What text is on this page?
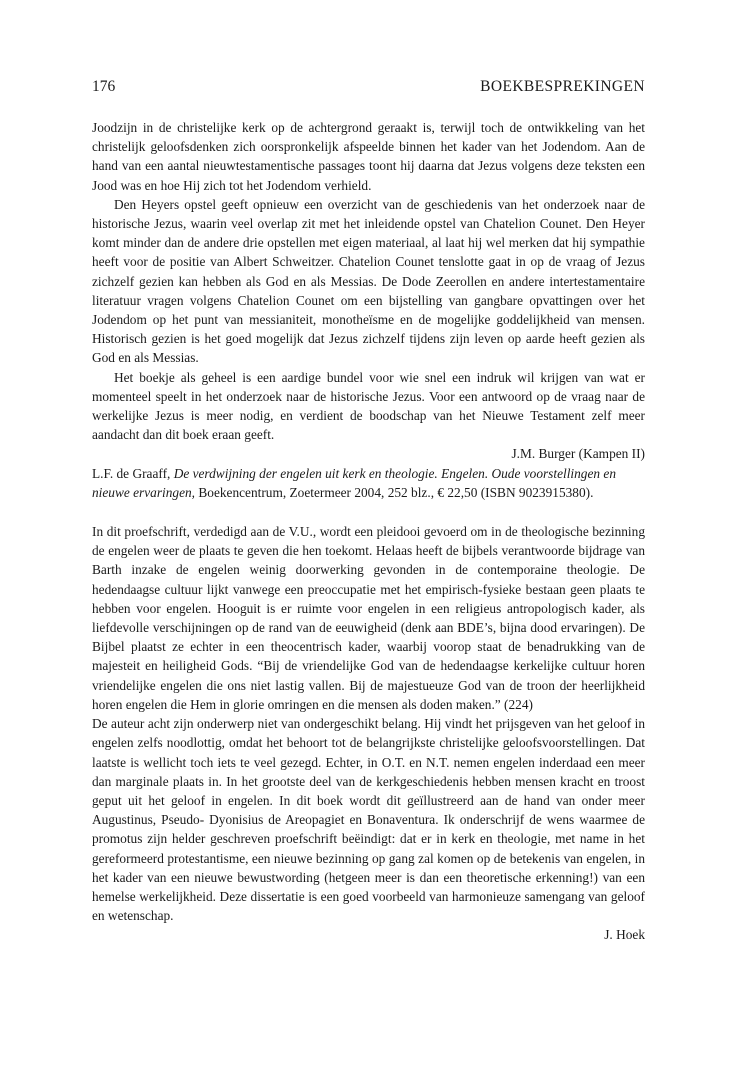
176	BOEKBESPREKINGEN

Joodzijn in de christelijke kerk op de achtergrond geraakt is, terwijl toch de ontwikkeling van het christelijk geloofsdenken zich oorspronkelijk afspeelde binnen het kader van het Jodendom. Aan de hand van een aantal nieuwtestamentische passages toont hij daarna dat Jezus volgens deze teksten een Jood was en hoe Hij zich tot het Jodendom verhield.

Den Heyers opstel geeft opnieuw een overzicht van de geschiedenis van het onderzoek naar de historische Jezus, waarin veel overlap zit met het inleidende opstel van Chatelion Counet. Den Heyer komt minder dan de andere drie opstellen met eigen materiaal, al laat hij wel merken dat hij sympathie heeft voor de positie van Albert Schweitzer. Chatelion Counet tenslotte gaat in op de vraag of Jezus zichzelf gezien kan hebben als God en als Messias. De Dode Zeerollen en andere intertestamentaire literatuur vragen volgens Chatelion Counet om een bijstelling van gangbare opvattingen over het Jodendom op het punt van messianiteit, monotheïsme en de mogelijke goddelijkheid van mensen. Historisch gezien is het goed mogelijk dat Jezus zichzelf tijdens zijn leven op aarde heeft gezien als God en als Messias.

Het boekje als geheel is een aardige bundel voor wie snel een indruk wil krijgen van wat er momenteel speelt in het onderzoek naar de historische Jezus. Voor een antwoord op de vraag naar de werkelijke Jezus is meer nodig, en verdient de boodschap van het Nieuwe Testament zelf meer aandacht dan dit boek eraan geeft.

J.M. Burger (Kampen II)

L.F. de Graaff, De verdwijning der engelen uit kerk en theologie. Engelen. Oude voorstellingen en nieuwe ervaringen, Boekencentrum, Zoetermeer 2004, 252 blz., € 22,50 (ISBN 9023915380).

In dit proefschrift, verdedigd aan de V.U., wordt een pleidooi gevoerd om in de theologische bezinning de engelen weer de plaats te geven die hen toekomt. Helaas heeft de bijbels verantwoorde bijdrage van Barth inzake de engelen weinig doorwerking gevonden in de contemporaine theologie. De hedendaagse cultuur lijkt vanwege een preoccupatie met het empirisch-fysieke bestaan geen plaats te hebben voor engelen. Hooguit is er ruimte voor engelen in een religieus antropologisch kader, als liefdevolle verschijningen op de rand van de eeuwigheid (denk aan BDE’s, bijna dood ervaringen). De Bijbel plaatst ze echter in een theocentrisch kader, waarbij voorop staat de benadrukking van de majesteit en heiligheid Gods. “Bij de vriendelijke God van de hedendaagse kerkelijke cultuur horen vriendelijke engelen die ons niet lastig vallen. Bij de majestueuze God van de troon der heerlijkheid horen engelen die Hem in glorie omringen en die mensen als doden maken.” (224)

De auteur acht zijn onderwerp niet van ondergeschikt belang. Hij vindt het prijsgeven van het geloof in engelen zelfs noodlottig, omdat het behoort tot de belangrijkste christelijke geloofsvoorstellingen. Dat laatste is wellicht toch iets te veel gezegd. Echter, in O.T. en N.T. nemen engelen inderdaad een meer dan marginale plaats in. In het grootste deel van de kerkgeschiedenis hebben mensen kracht en troost geput uit het geloof in engelen. In dit boek wordt dit geïllustreerd aan de hand van onder meer Augustinus, Pseudo- Dyonisius de Areopagiet en Bonaventura. Ik onderschrijf de wens waarmee de promotus zijn helder geschreven proefschrift beëindigt: dat er in kerk en theologie, met name in het gereformeerd protestantisme, een nieuwe bezinning op gang zal komen op de betekenis van engelen, in het kader van een nieuwe bewustwording (hetgeen meer is dan een theoretische erkenning!) van een hemelse werkelijkheid. Deze dissertatie is een goed voorbeeld van harmonieuze samengang van geloof en wetenschap.

J. Hoek
